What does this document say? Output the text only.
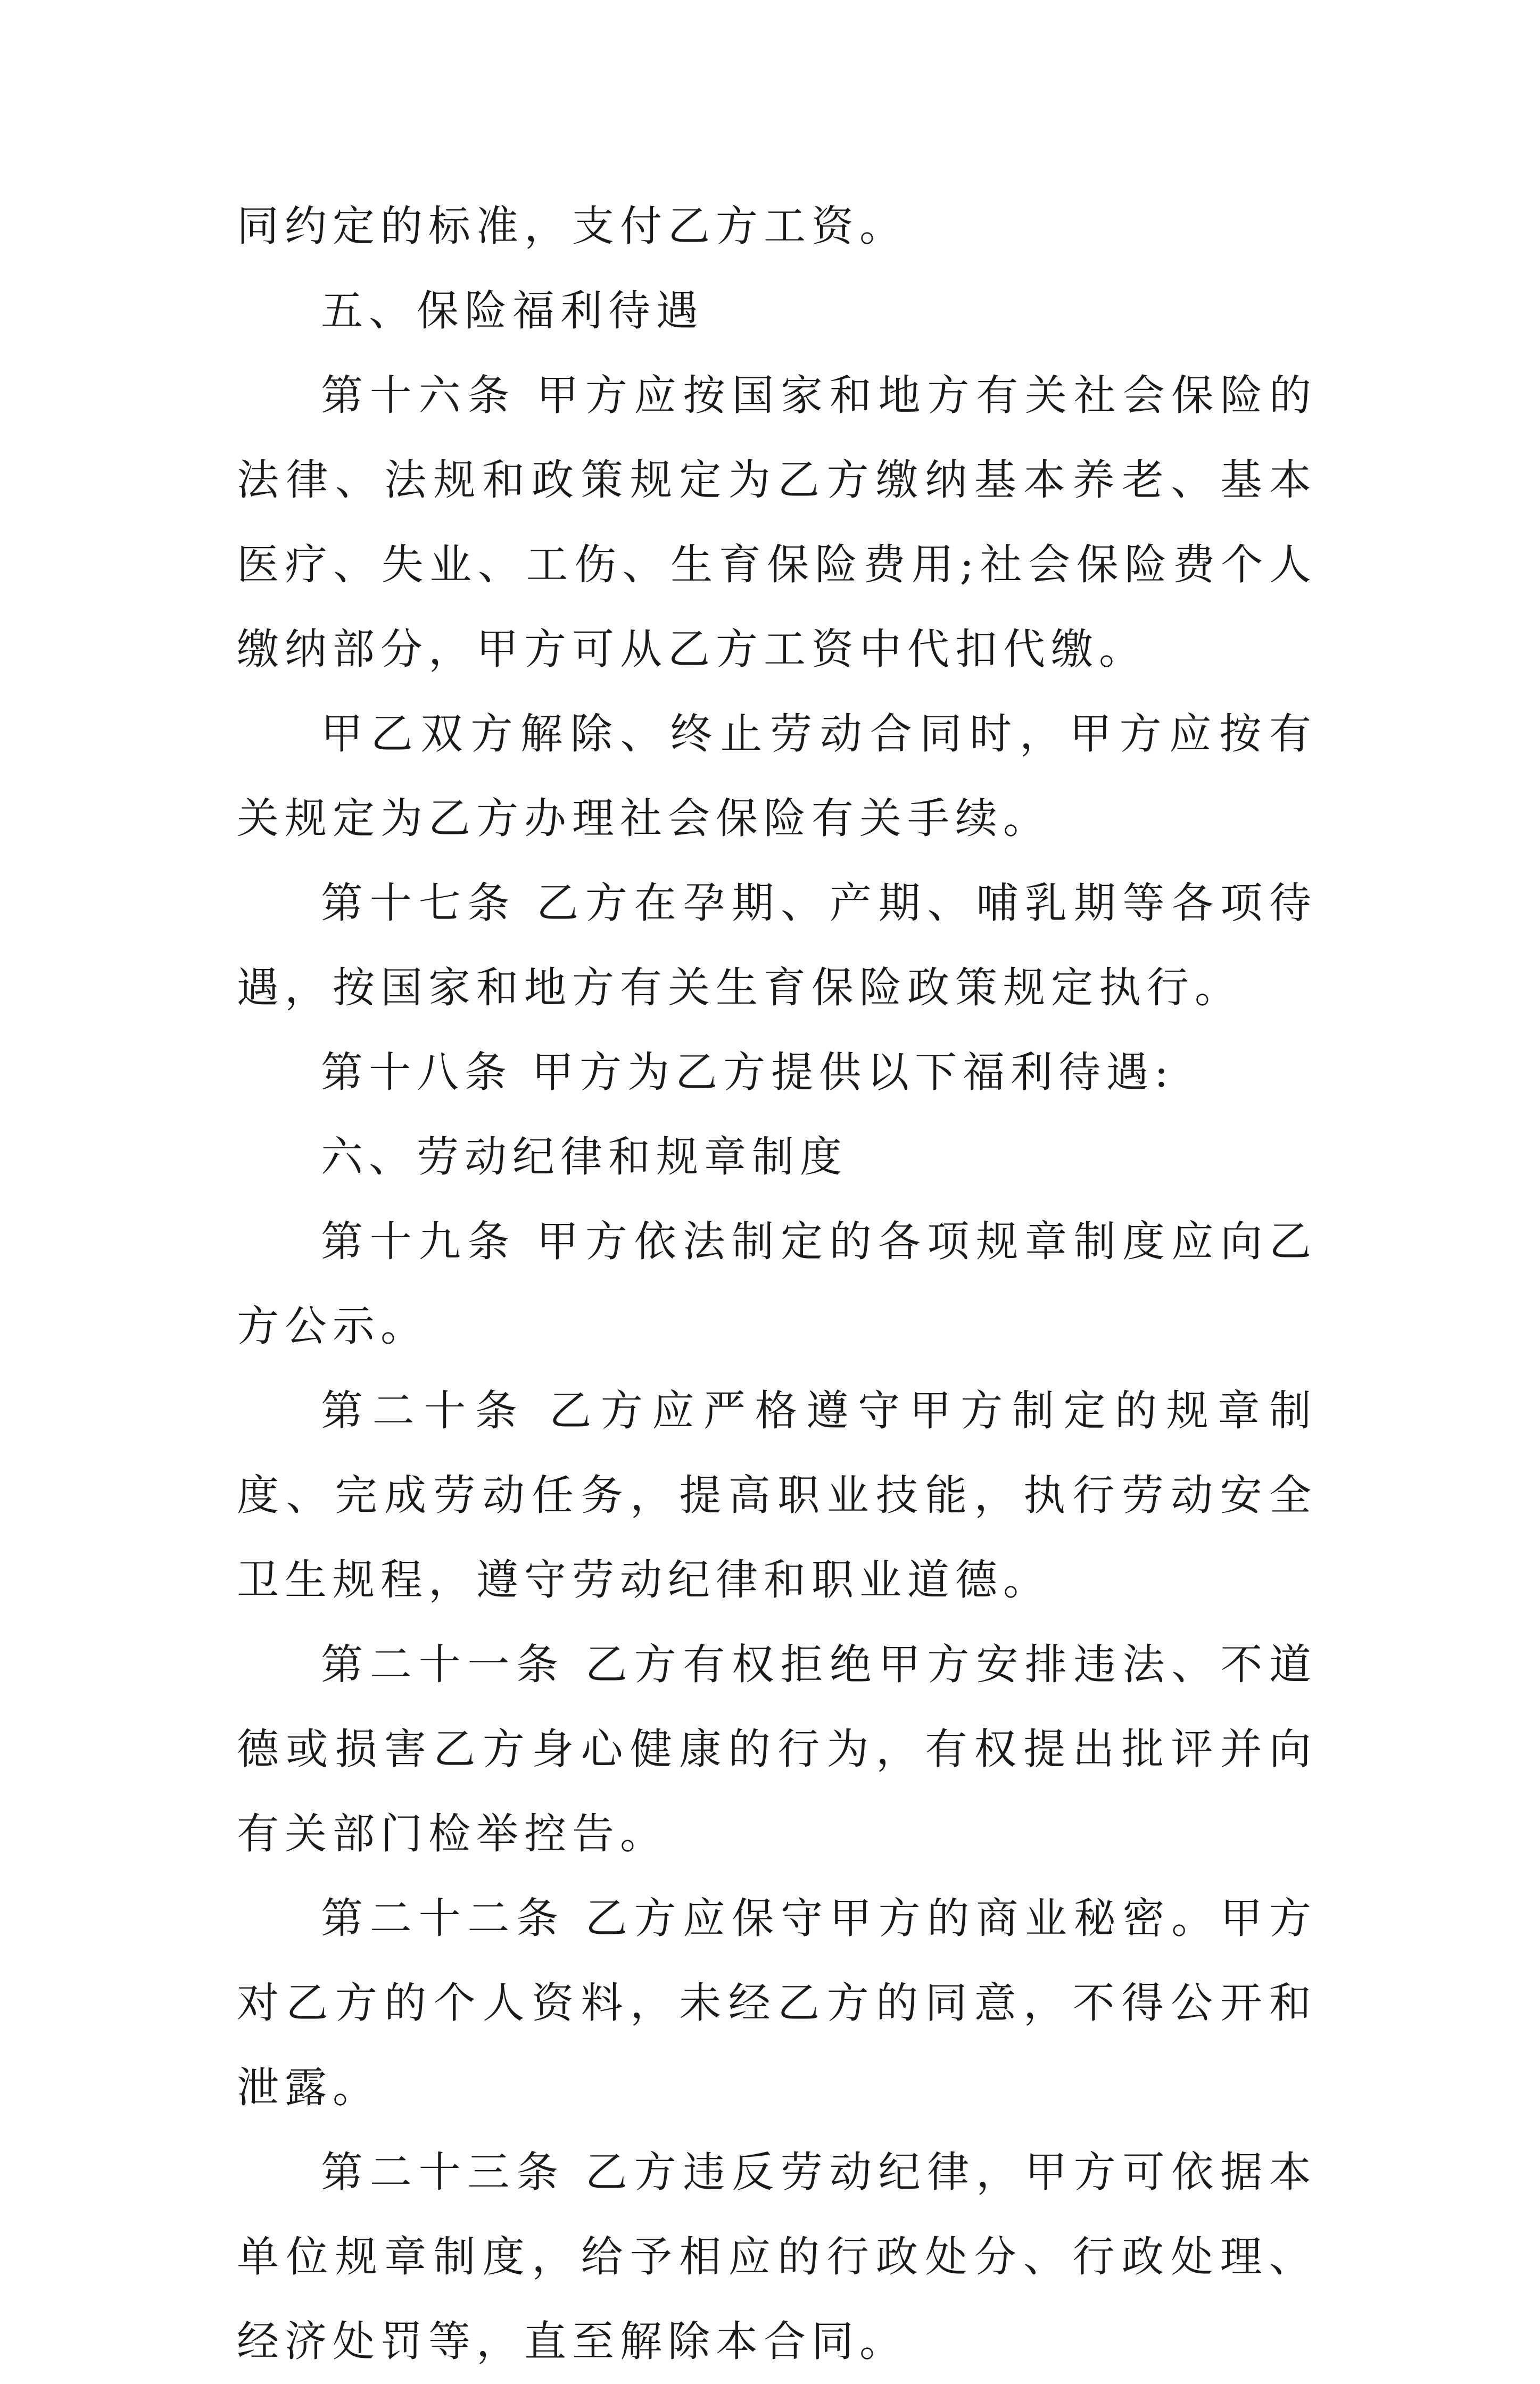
同约定的标准，支付乙方工资。

五、保险福利待遇

第十六条 甲方应按国家和地方有关社会保险的法律、法规和政策规定为乙方缴纳基本养老、基本医疗、失业、工伤、生育保险费用;社会保险费个人缴纳部分，甲方可从乙方工资中代扣代缴。

甲乙双方解除、终止劳动合同时，甲方应按有关规定为乙方办理社会保险有关手续。

第十七条 乙方在孕期、产期、哺乳期等各项待遇，按国家和地方有关生育保险政策规定执行。

第十八条 甲方为乙方提供以下福利待遇:

六、劳动纪律和规章制度

第十九条 甲方依法制定的各项规章制度应向乙方公示。

第二十条 乙方应严格遵守甲方制定的规章制度、完成劳动任务，提高职业技能，执行劳动安全卫生规程，遵守劳动纪律和职业道德。

第二十一条 乙方有权拒绝甲方安排违法、不道德或损害乙方身心健康的行为，有权提出批评并向有关部门检举控告。

第二十二条 乙方应保守甲方的商业秘密。甲方对乙方的个人资料，未经乙方的同意，不得公开和泄露。

第二十三条 乙方违反劳动纪律，甲方可依据本单位规章制度，给予相应的行政处分、行政处理、经济处罚等，直至解除本合同。
